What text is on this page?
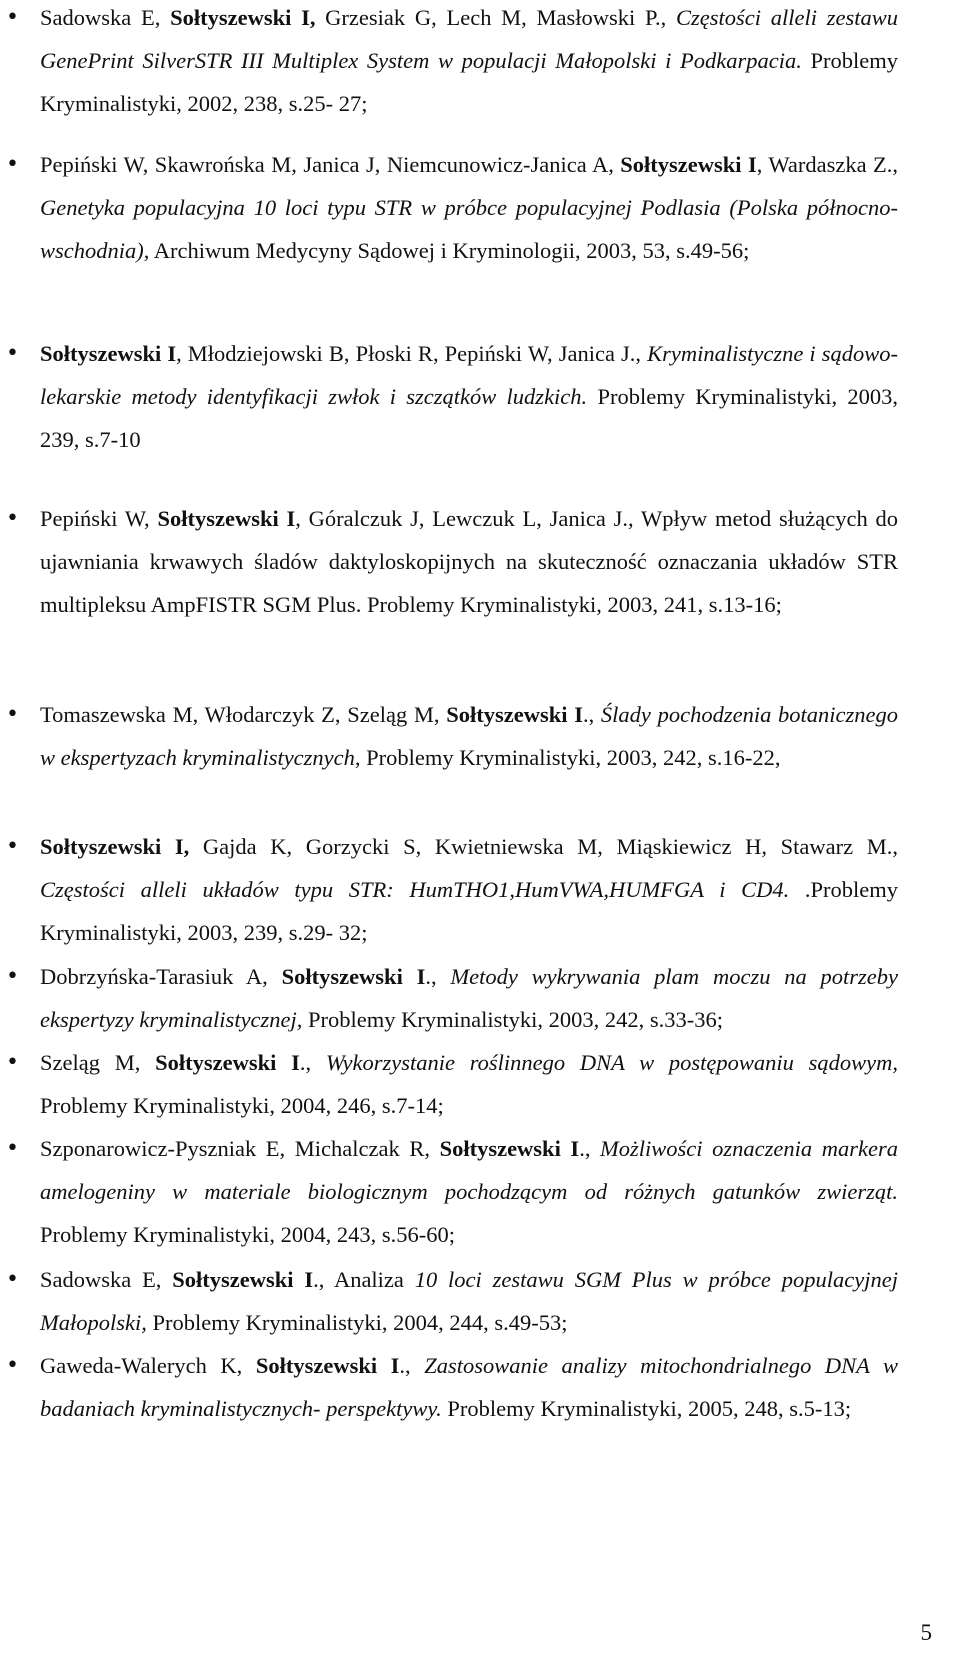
• Sadowska E, Sołtyszewski I, Grzesiak G, Lech M, Masłowski P., Częstości alleli zestawu GenePrint SilverSTR III Multiplex System w populacji Małopolski i Podkarpacia. Problemy Kryminalistyki, 2002, 238, s.25- 27;
• Pepiński W, Skawrońska M, Janica J, Niemcunowicz-Janica A, Sołtyszewski I, Wardaszka Z., Genetyka populacyjna 10 loci typu STR w próbce populacyjnej Podlasia (Polska północno-wschodnia), Archiwum Medycyny Sądowej i Kryminologii, 2003, 53, s.49-56;
• Sołtyszewski I, Młodziejowski B, Płoski R, Pepiński W, Janica J., Kryminalistyczne i sądowo-lekarskie metody identyfikacji zwłok i szczątków ludzkich. Problemy Kryminalistyki, 2003, 239, s.7-10
• Pepiński W, Sołtyszewski I, Góralczuk J, Lewczuk L, Janica J., Wpływ metod służących do ujawniania krwawych śladów daktyloskopijnych na skuteczność oznaczania układów STR multipleksu AmpFISTR SGM Plus. Problemy Kryminalistyki, 2003, 241, s.13-16;
• Tomaszewska M, Włodarczyk Z, Szeląg M, Sołtyszewski I., Ślady pochodzenia botanicznego w ekspertyzach kryminalistycznych, Problemy Kryminalistyki, 2003, 242, s.16-22,
• Sołtyszewski I, Gajda K, Gorzycki S, Kwietniewska M, Miąskiewicz H, Stawarz M., Częstości alleli układów typu STR: HumTHO1,HumVWA,HUMFGA i CD4. .Problemy Kryminalistyki, 2003, 239, s.29- 32;
• Dobrzyńska-Tarasiuk A, Sołtyszewski I., Metody wykrywania plam moczu na potrzeby ekspertyzy kryminalistycznej, Problemy Kryminalistyki, 2003, 242, s.33-36;
• Szeląg M, Sołtyszewski I., Wykorzystanie roślinnego DNA w postępowaniu sądowym, Problemy Kryminalistyki, 2004, 246, s.7-14;
• Szponarowicz-Pyszniak E, Michalczak R, Sołtyszewski I., Możliwości oznaczenia markera amelogeniny w materiale biologicznym pochodzącym od różnych gatunków zwierząt. Problemy Kryminalistyki, 2004, 243, s.56-60;
• Sadowska E, Sołtyszewski I., Analiza 10 loci zestawu SGM Plus w próbce populacyjnej Małopolski, Problemy Kryminalistyki, 2004, 244, s.49-53;
• Gaweda-Walerych K, Sołtyszewski I., Zastosowanie analizy mitochondrialnego DNA w badaniach kryminalistycznych- perspektywy. Problemy Kryminalistyki, 2005, 248, s.5-13;
5
